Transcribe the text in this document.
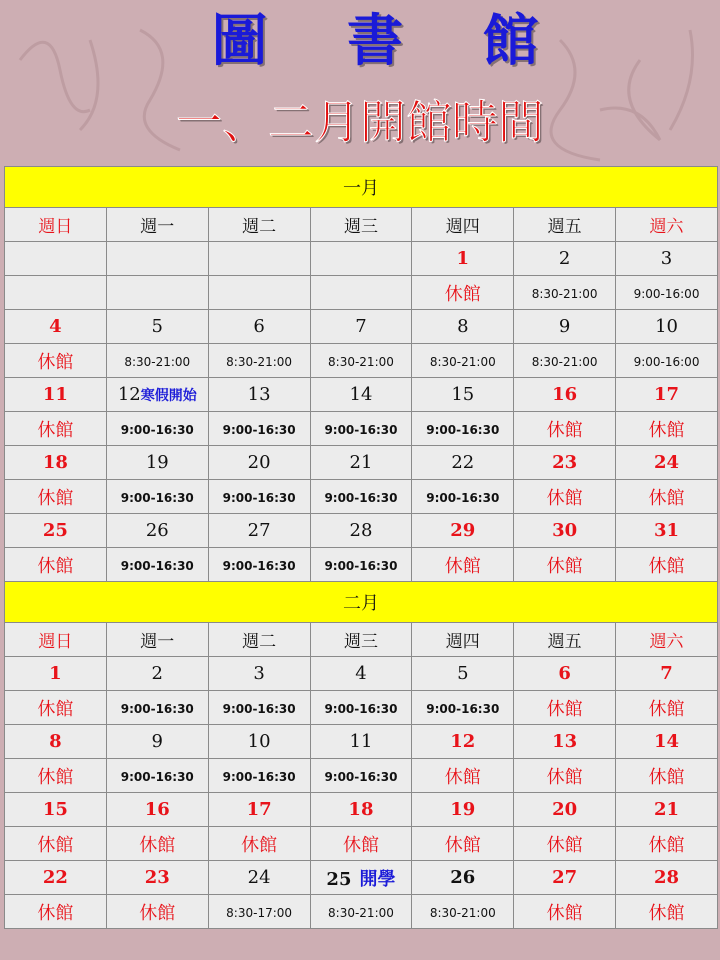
圖 書 館
一、二月開館時間
一月						
週日	週一	週二	週三	週四	週五	週六
				1	2	3
				休館	8:30-21:00	9:00-16:00
4	5	6	7	8	9	10
休館	8:30-21:00	8:30-21:00	8:30-21:00	8:30-21:00	8:30-21:00	9:00-16:00
11	12寒假開始	13	14	15	16	17
休館	9:00-16:30	9:00-16:30	9:00-16:30	9:00-16:30	休館	休館
18	19	20	21	22	23	24
休館	9:00-16:30	9:00-16:30	9:00-16:30	9:00-16:30	休館	休館
25	26	27	28	29	30	31
休館	9:00-16:30	9:00-16:30	9:00-16:30	休館	休館	休館
二月						
週日	週一	週二	週三	週四	週五	週六
1	2	3	4	5	6	7
休館	9:00-16:30	9:00-16:30	9:00-16:30	9:00-16:30	休館	休館
8	9	10	11	12	13	14
休館	9:00-16:30	9:00-16:30	9:00-16:30	休館	休館	休館
15	16	17	18	19	20	21
休館	休館	休館	休館	休館	休館	休館
22	23	24	25 開學	26	27	28
休館	休館	8:30-17:00	8:30-21:00	8:30-21:00	休館	休館
